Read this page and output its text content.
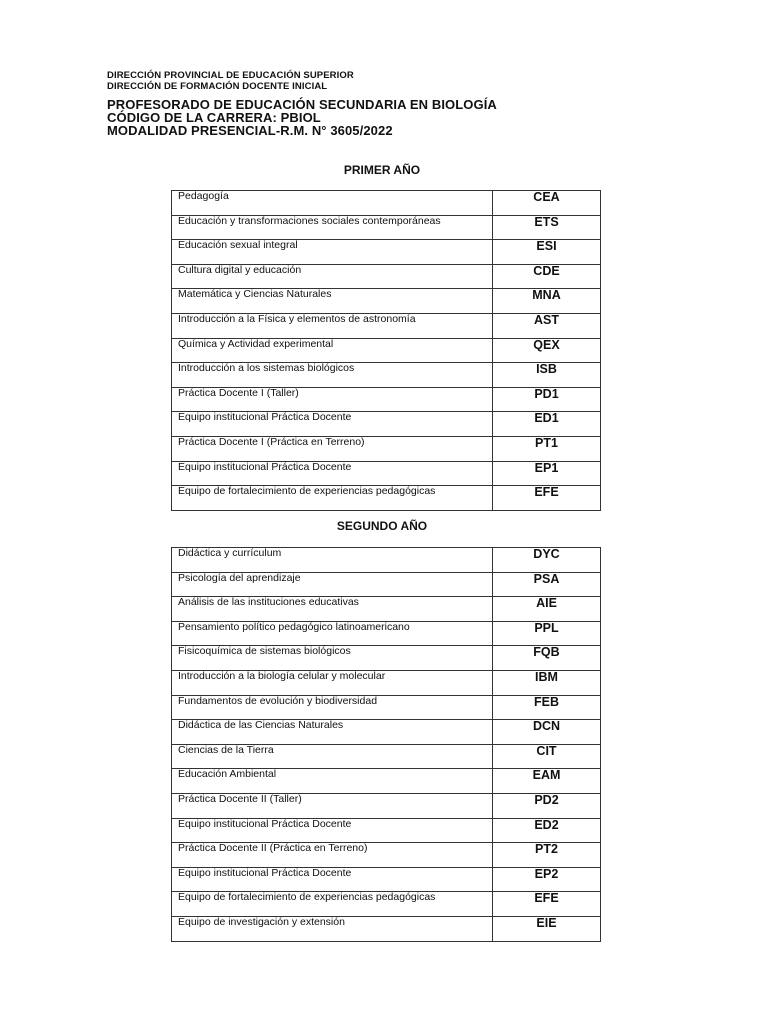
DIRECCIÓN PROVINCIAL DE EDUCACIÓN SUPERIOR
DIRECCIÓN DE FORMACIÓN DOCENTE INICIAL
PROFESORADO DE EDUCACIÓN SECUNDARIA EN BIOLOGÍA
CÓDIGO DE LA CARRERA: PBIOL
MODALIDAD PRESENCIAL-R.M. N° 3605/2022
PRIMER AÑO
Pedagogía	CEA

Educación y transformaciones sociales contemporáneas	ETS

Educación sexual integral	ESI

Cultura digital y educación	CDE

Matemática y Ciencias Naturales	MNA

Introducción a la Física y elementos de astronomía	AST

Química y Actividad experimental	QEX

Introducción a los sistemas biológicos	ISB

Práctica Docente I (Taller)	PD1

Equipo institucional Práctica Docente	ED1

Práctica Docente I (Práctica en Terreno)	PT1

Equipo institucional Práctica Docente	EP1

Equipo de fortalecimiento de experiencias pedagógicas	EFE
SEGUNDO AÑO
Didáctica y currículum	DYC

Psicología del aprendizaje	PSA

Análisis de las instituciones educativas	AIE

Pensamiento político pedagógico latinoamericano	PPL

Fisicoquímica de sistemas biológicos	FQB

Introducción a la biología celular y molecular	IBM

Fundamentos de evolución y biodiversidad	FEB

Didáctica de las Ciencias Naturales	DCN

Ciencias de la Tierra	CIT

Educación Ambiental	EAM

Práctica Docente II (Taller)	PD2

Equipo institucional Práctica Docente	ED2

Práctica Docente II (Práctica en Terreno)	PT2

Equipo institucional Práctica Docente	EP2

Equipo de fortalecimiento de experiencias pedagógicas	EFE

Equipo de investigación y extensión	EIE
